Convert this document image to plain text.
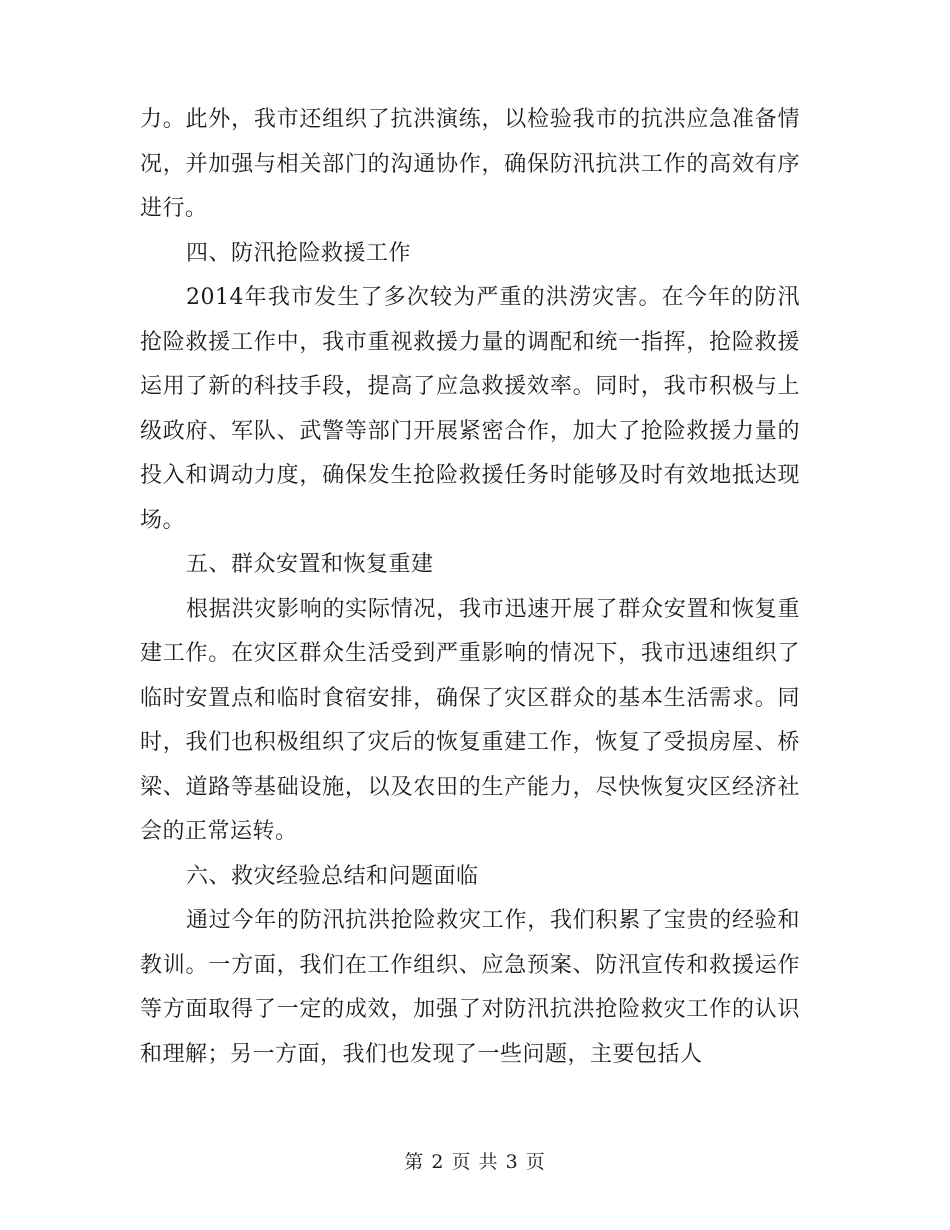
力。此外，我市还组织了抗洪演练，以检验我市的抗洪应急准备情况，并加强与相关部门的沟通协作，确保防汛抗洪工作的高效有序进行。

四、防汛抢险救援工作

2014年我市发生了多次较为严重的洪涝灾害。在今年的防汛抢险救援工作中，我市重视救援力量的调配和统一指挥，抢险救援运用了新的科技手段，提高了应急救援效率。同时，我市积极与上级政府、军队、武警等部门开展紧密合作，加大了抢险救援力量的投入和调动力度，确保发生抢险救援任务时能够及时有效地抵达现场。

五、群众安置和恢复重建

根据洪灾影响的实际情况，我市迅速开展了群众安置和恢复重建工作。在灾区群众生活受到严重影响的情况下，我市迅速组织了临时安置点和临时食宿安排，确保了灾区群众的基本生活需求。同时，我们也积极组织了灾后的恢复重建工作，恢复了受损房屋、桥梁、道路等基础设施，以及农田的生产能力，尽快恢复灾区经济社会的正常运转。

六、救灾经验总结和问题面临

通过今年的防汛抗洪抢险救灾工作，我们积累了宝贵的经验和教训。一方面，我们在工作组织、应急预案、防汛宣传和救援运作等方面取得了一定的成效，加强了对防汛抗洪抢险救灾工作的认识和理解；另一方面，我们也发现了一些问题，主要包括人

第 2 页 共 3 页
